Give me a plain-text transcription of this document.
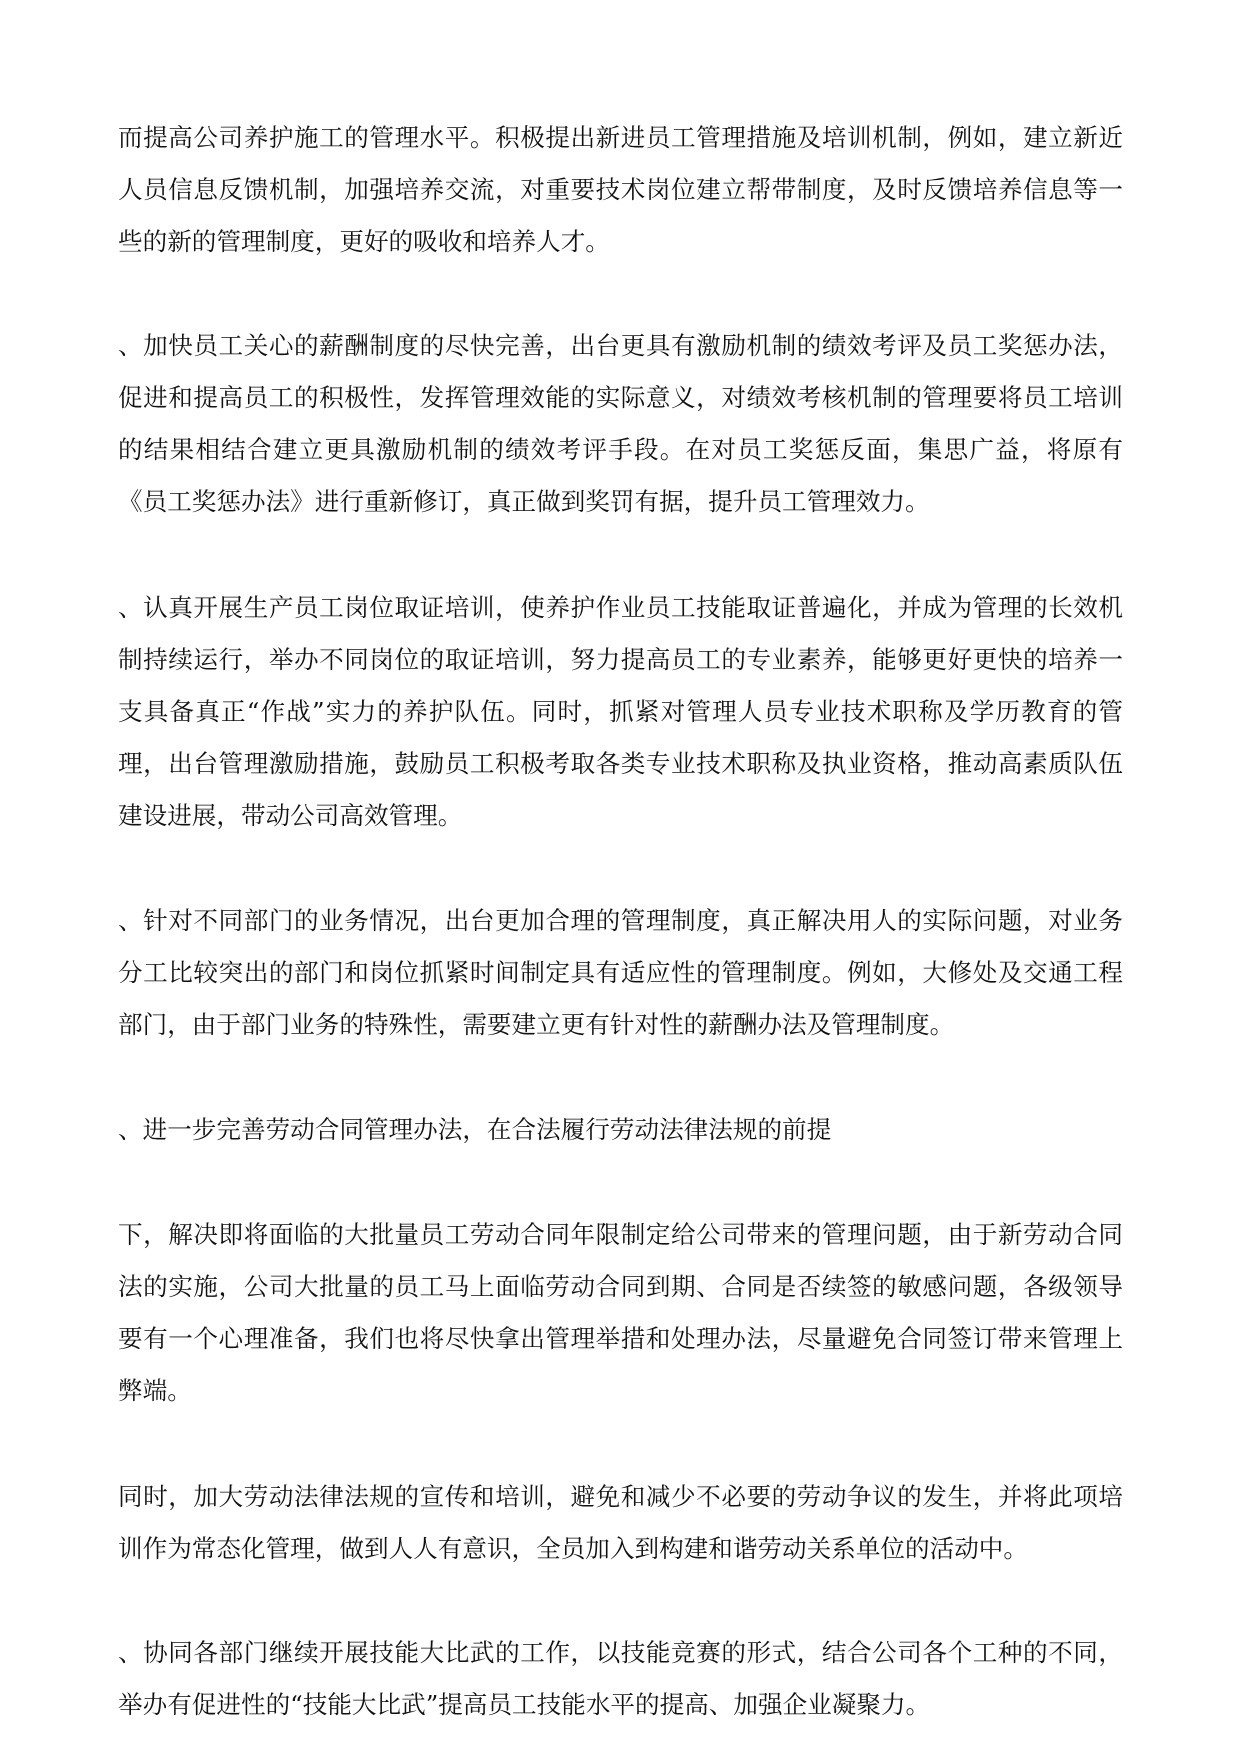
而提高公司养护施工的管理水平。积极提出新进员工管理措施及培训机制，例如，建立新近人员信息反馈机制，加强培养交流，对重要技术岗位建立帮带制度，及时反馈培养信息等一些的新的管理制度，更好的吸收和培养人才。

、加快员工关心的薪酬制度的尽快完善，出台更具有激励机制的绩效考评及员工奖惩办法，促进和提高员工的积极性，发挥管理效能的实际意义，对绩效考核机制的管理要将员工培训的结果相结合建立更具激励机制的绩效考评手段。在对员工奖惩反面，集思广益，将原有《员工奖惩办法》进行重新修订，真正做到奖罚有据，提升员工管理效力。

、认真开展生产员工岗位取证培训，使养护作业员工技能取证普遍化，并成为管理的长效机制持续运行，举办不同岗位的取证培训，努力提高员工的专业素养，能够更好更快的培养一支具备真正“作战”实力的养护队伍。同时，抓紧对管理人员专业技术职称及学历教育的管理，出台管理激励措施，鼓励员工积极考取各类专业技术职称及执业资格，推动高素质队伍建设进展，带动公司高效管理。

、针对不同部门的业务情况，出台更加合理的管理制度，真正解决用人的实际问题，对业务分工比较突出的部门和岗位抓紧时间制定具有适应性的管理制度。例如，大修处及交通工程部门，由于部门业务的特殊性，需要建立更有针对性的薪酬办法及管理制度。

、进一步完善劳动合同管理办法，在合法履行劳动法律法规的前提

下，解决即将面临的大批量员工劳动合同年限制定给公司带来的管理问题，由于新劳动合同法的实施，公司大批量的员工马上面临劳动合同到期、合同是否续签的敏感问题，各级领导要有一个心理准备，我们也将尽快拿出管理举措和处理办法，尽量避免合同签订带来管理上弊端。

同时，加大劳动法律法规的宣传和培训，避免和减少不必要的劳动争议的发生，并将此项培训作为常态化管理，做到人人有意识，全员加入到构建和谐劳动关系单位的活动中。

、协同各部门继续开展技能大比武的工作，以技能竞赛的形式，结合公司各个工种的不同，举办有促进性的“技能大比武”提高员工技能水平的提高、加强企业凝聚力。
